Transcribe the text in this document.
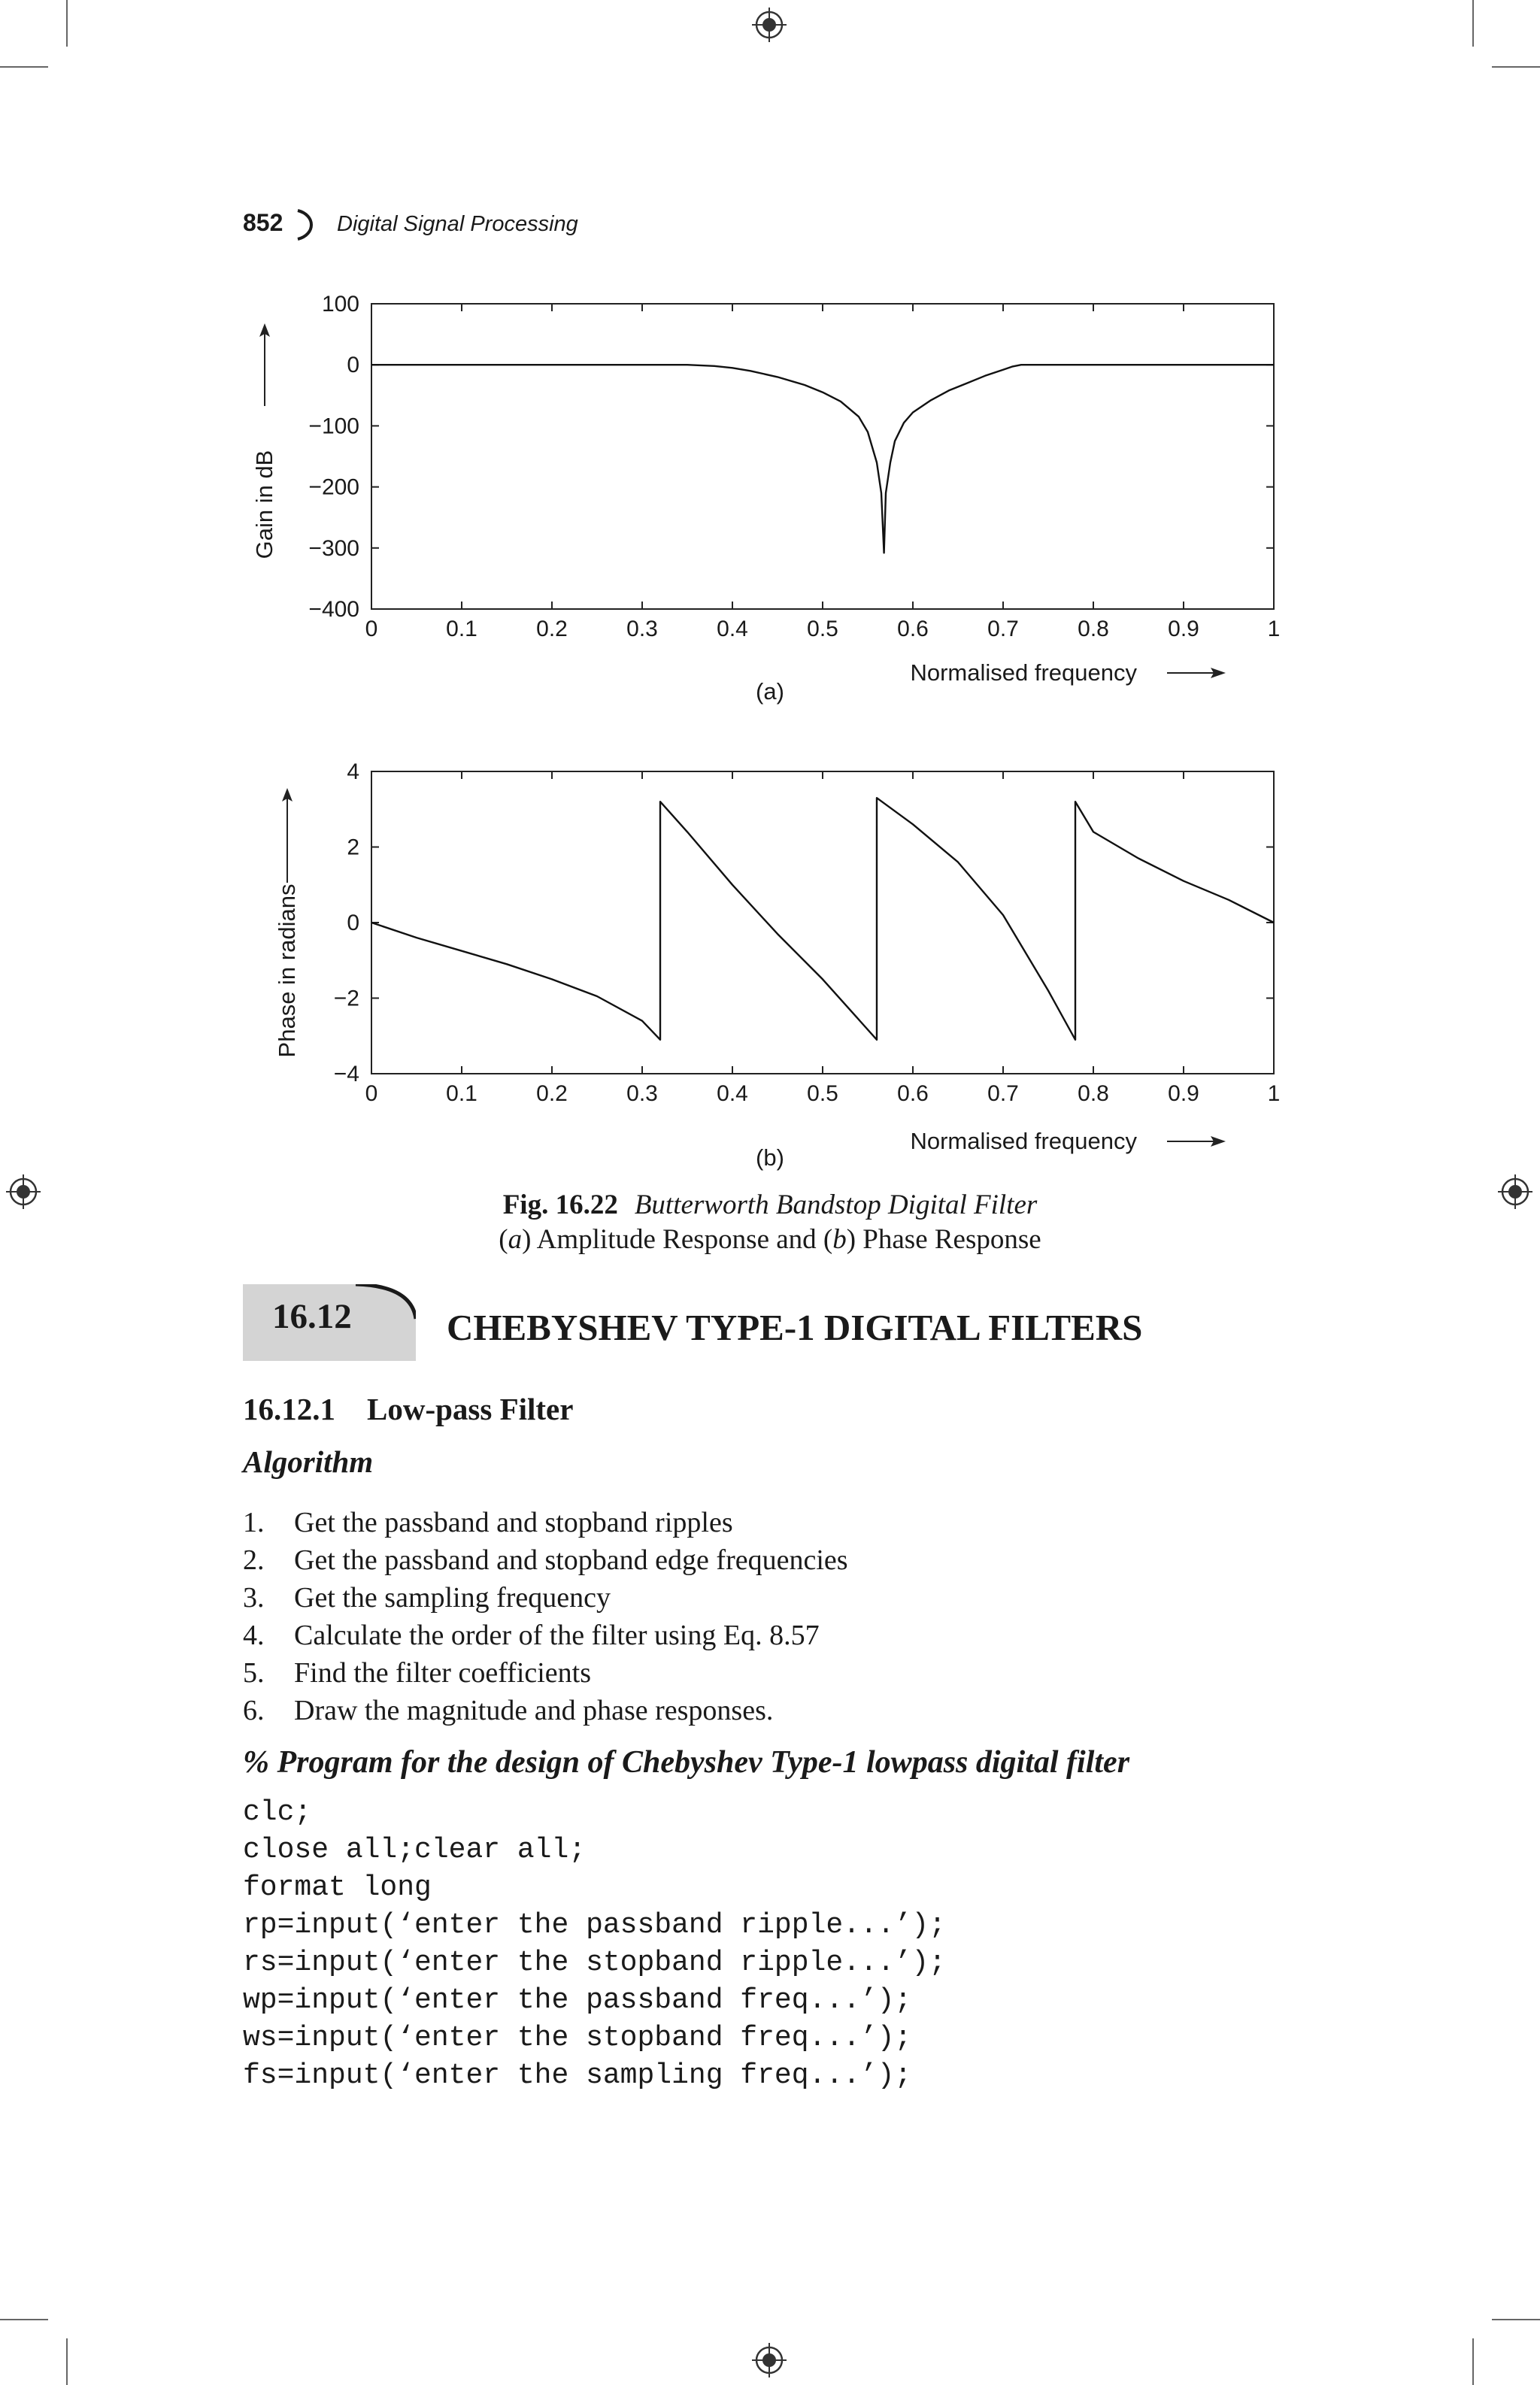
852 Digital Signal Processing
0	0.1	0.2	0.3	0.4	0.5	0.6	0.7	0.8	0.9	1
100
0
−100
−200
−300
−400
Gain in dB
Normalised frequency
(a)
0	0.1	0.2	0.3	0.4	0.5	0.6	0.7	0.8	0.9	1
4
2
0
−2
−4
Phase in radians
Normalised frequency
(b)
Fig. 16.22 Butterworth Bandstop Digital Filter
(a) Amplitude Response and (b) Phase Response
16.12	CHEBYSHEV TYPE-1 DIGITAL FILTERS
16.12.1 Low-pass Filter
Algorithm
1. Get the passband and stopband ripples
2. Get the passband and stopband edge frequencies
3. Get the sampling frequency
4. Calculate the order of the filter using Eq. 8.57
5. Find the filter coefficients
6. Draw the magnitude and phase responses.
% Program for the design of Chebyshev Type-1 lowpass digital filter
clc;
close all;clear all;
format long
rp=input(‘enter the passband ripple...’);
rs=input(‘enter the stopband ripple...’);
wp=input(‘enter the passband freq...’);
ws=input(‘enter the stopband freq...’);
fs=input(‘enter the sampling freq...’);
